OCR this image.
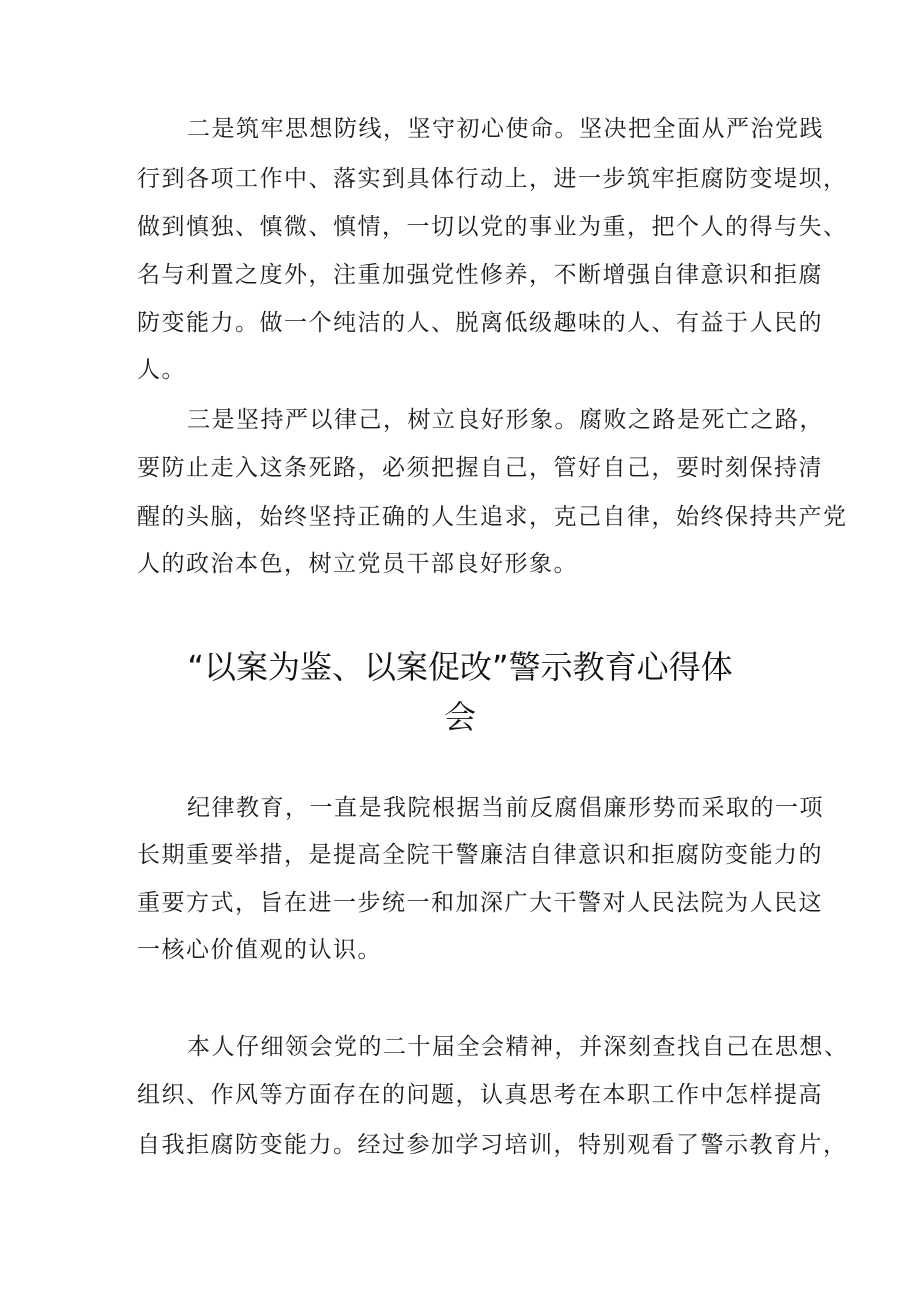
二是筑牢思想防线，坚守初心使命。坚决把全面从严治党践

行到各项工作中、落实到具体行动上，进一步筑牢拒腐防变堤坝，

做到慎独、慎微、慎情，一切以党的事业为重，把个人的得与失、

名与利置之度外，注重加强党性修养，不断增强自律意识和拒腐

防变能力。做一个纯洁的人、脱离低级趣味的人、有益于人民的

人。

三是坚持严以律己，树立良好形象。腐败之路是死亡之路，

要防止走入这条死路，必须把握自己，管好自己，要时刻保持清

醒的头脑，始终坚持正确的人生追求，克己自律，始终保持共产党

人的政治本色，树立党员干部良好形象。

“以案为鉴、以案促改”警示教育心得体
会

纪律教育，一直是我院根据当前反腐倡廉形势而采取的一项

长期重要举措，是提高全院干警廉洁自律意识和拒腐防变能力的

重要方式，旨在进一步统一和加深广大干警对人民法院为人民这

一核心价值观的认识。

本人仔细领会党的二十届全会精神，并深刻查找自己在思想、

组织、作风等方面存在的问题，认真思考在本职工作中怎样提高

自我拒腐防变能力。经过参加学习培训，特别观看了警示教育片，
